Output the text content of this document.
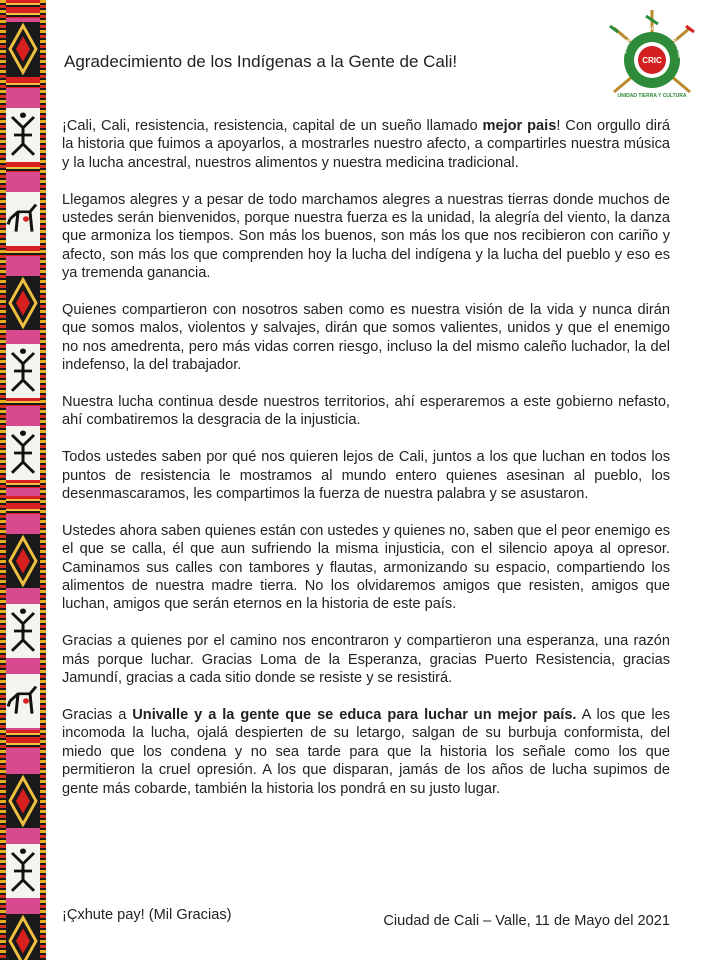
Agradecimiento de los Indígenas a la Gente de Cali!	CONSEJO REGIONAL INDÍGENA
CRIC
UNIDAD TIERRA Y CULTURA

¡Cali, Cali, resistencia, resistencia, capital de un sueño llamado mejor pais! Con orgullo dirá la historia que fuimos a apoyarlos, a mostrarles nuestro afecto, a compartirles nuestra música y la lucha ancestral, nuestros alimentos y nuestra medicina tradicional.

Llegamos alegres y a pesar de todo marchamos alegres a nuestras tierras donde muchos de ustedes serán bienvenidos, porque nuestra fuerza es la unidad, la alegría del viento, la danza que armoniza los tiempos. Son más los buenos, son más los que nos recibieron con cariño y afecto, son más los que comprenden hoy la lucha del indígena y la lucha del pueblo y eso es ya tremenda ganancia.

Quienes compartieron con nosotros saben como es nuestra visión de la vida y nunca dirán que somos malos, violentos y salvajes, dirán que somos valientes, unidos y que el enemigo no nos amedrenta, pero más vidas corren riesgo, incluso la del mismo caleño luchador, la del indefenso, la del trabajador.

Nuestra lucha continua desde nuestros territorios, ahí esperaremos a este gobierno nefasto, ahí combatiremos la desgracia de la injusticia.

Todos ustedes saben por qué nos quieren lejos de Cali, juntos a los que luchan en todos los puntos de resistencia le mostramos al mundo entero quienes asesinan al pueblo, los desenmascaramos, les compartimos la fuerza de nuestra palabra y se asustaron.

Ustedes ahora saben quienes están con ustedes y quienes no, saben que el peor enemigo es el que se calla, él que aun sufriendo la misma injusticia, con el silencio apoya al opresor. Caminamos sus calles con tambores y flautas, armonizando su espacio, compartiendo los alimentos de nuestra madre tierra. No los olvidaremos amigos que resisten, amigos que luchan, amigos que serán eternos en la historia de este país.

Gracias a quienes por el camino nos encontraron y compartieron una esperanza, una razón más porque luchar. Gracias Loma de la Esperanza, gracias Puerto Resistencia, gracias Jamundí, gracias a cada sitio donde se resiste y se resistirá.

Gracias a Univalle y a la gente que se educa para luchar un mejor país. A los que les incomoda la lucha, ojalá despierten de su letargo, salgan de su burbuja conformista, del miedo que los condena y no sea tarde para que la historia los señale como los que permitieron la cruel opresión. A los que disparan, jamás de los años de lucha supimos de gente más cobarde, también la historia los pondrá en su justo lugar.

¡Çxhute pay! (Mil Gracias)	Ciudad de Cali – Valle, 11 de Mayo del 2021
